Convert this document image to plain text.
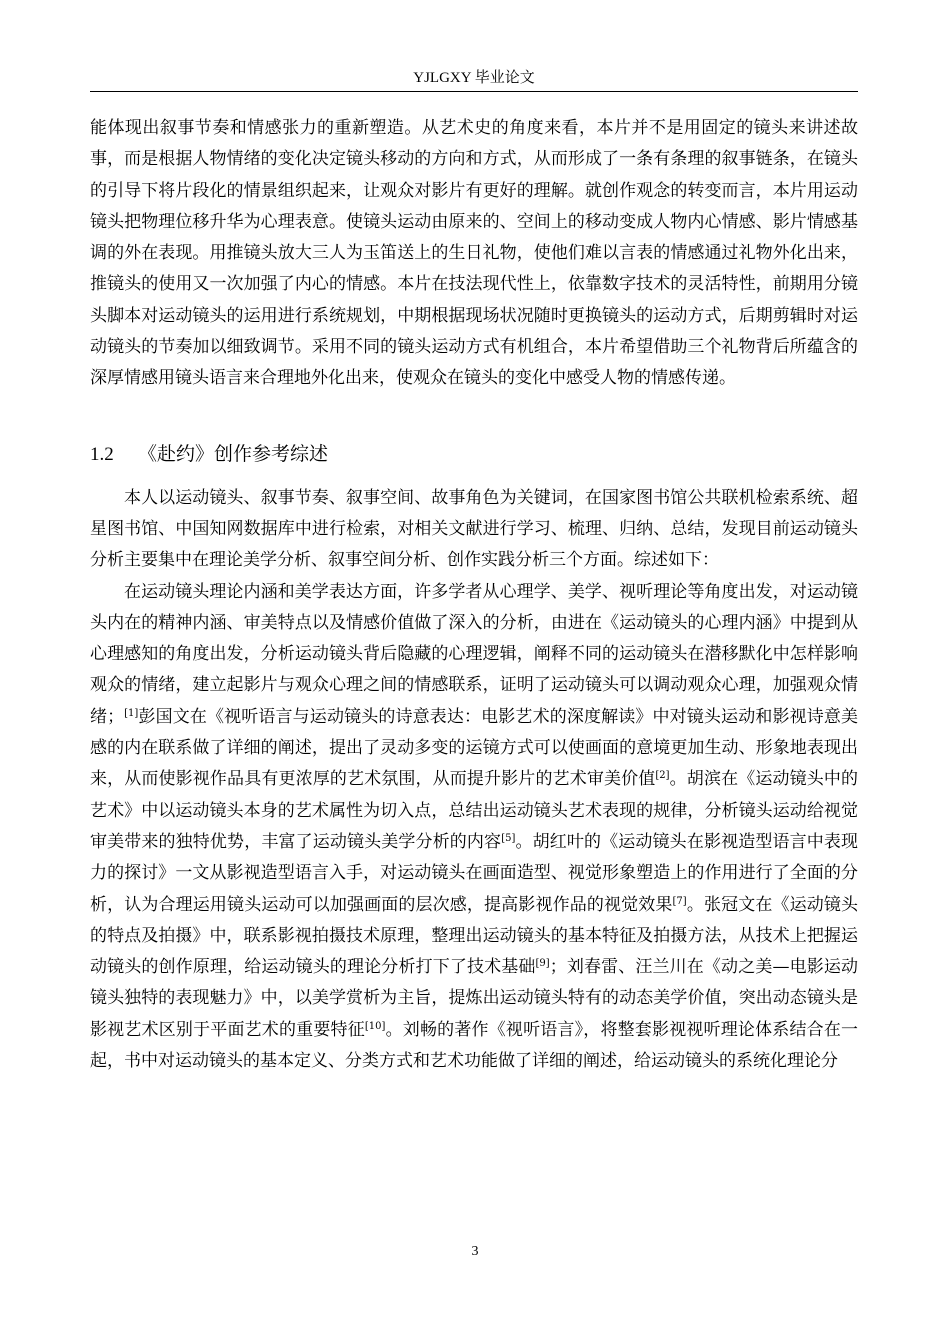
YJLGXY 毕业论文

能体现出叙事节奏和情感张力的重新塑造。从艺术史的角度来看，本片并不是用固定的镜头来讲述故事，而是根据人物情绪的变化决定镜头移动的方向和方式，从而形成了一条有条理的叙事链条，在镜头的引导下将片段化的情景组织起来，让观众对影片有更好的理解。就创作观念的转变而言，本片用运动镜头把物理位移升华为心理表意。使镜头运动由原来的、空间上的移动变成人物内心情感、影片情感基调的外在表现。用推镜头放大三人为玉笛送上的生日礼物，使他们难以言表的情感通过礼物外化出来，推镜头的使用又一次加强了内心的情感。本片在技法现代性上，依靠数字技术的灵活特性，前期用分镜头脚本对运动镜头的运用进行系统规划，中期根据现场状况随时更换镜头的运动方式，后期剪辑时对运动镜头的节奏加以细致调节。采用不同的镜头运动方式有机组合，本片希望借助三个礼物背后所蕴含的深厚情感用镜头语言来合理地外化出来，使观众在镜头的变化中感受人物的情感传递。

1.2 《赴约》创作参考综述

本人以运动镜头、叙事节奏、叙事空间、故事角色为关键词，在国家图书馆公共联机检索系统、超星图书馆、中国知网数据库中进行检索，对相关文献进行学习、梳理、归纳、总结，发现目前运动镜头分析主要集中在理论美学分析、叙事空间分析、创作实践分析三个方面。综述如下：

在运动镜头理论内涵和美学表达方面，许多学者从心理学、美学、视听理论等角度出发，对运动镜头内在的精神内涵、审美特点以及情感价值做了深入的分析，由进在《运动镜头的心理内涵》中提到从心理感知的角度出发，分析运动镜头背后隐藏的心理逻辑，阐释不同的运动镜头在潜移默化中怎样影响观众的情绪，建立起影片与观众心理之间的情感联系，证明了运动镜头可以调动观众心理，加强观众情绪；[1]彭国文在《视听语言与运动镜头的诗意表达：电影艺术的深度解读》中对镜头运动和影视诗意美感的内在联系做了详细的阐述，提出了灵动多变的运镜方式可以使画面的意境更加生动、形象地表现出来，从而使影视作品具有更浓厚的艺术氛围，从而提升影片的艺术审美价值[2]。胡滨在《运动镜头中的艺术》中以运动镜头本身的艺术属性为切入点，总结出运动镜头艺术表现的规律，分析镜头运动给视觉审美带来的独特优势，丰富了运动镜头美学分析的内容[5]。胡红叶的《运动镜头在影视造型语言中表现力的探讨》一文从影视造型语言入手，对运动镜头在画面造型、视觉形象塑造上的作用进行了全面的分析，认为合理运用镜头运动可以加强画面的层次感，提高影视作品的视觉效果[7]。张冠文在《运动镜头的特点及拍摄》中，联系影视拍摄技术原理，整理出运动镜头的基本特征及拍摄方法，从技术上把握运动镜头的创作原理，给运动镜头的理论分析打下了技术基础[9]；刘春雷、汪兰川在《动之美—电影运动镜头独特的表现魅力》中，以美学赏析为主旨，提炼出运动镜头特有的动态美学价值，突出动态镜头是影视艺术区别于平面艺术的重要特征[10]。刘畅的著作《视听语言》，将整套影视视听理论体系结合在一起，书中对运动镜头的基本定义、分类方式和艺术功能做了详细的阐述，给运动镜头的系统化理论分

3
